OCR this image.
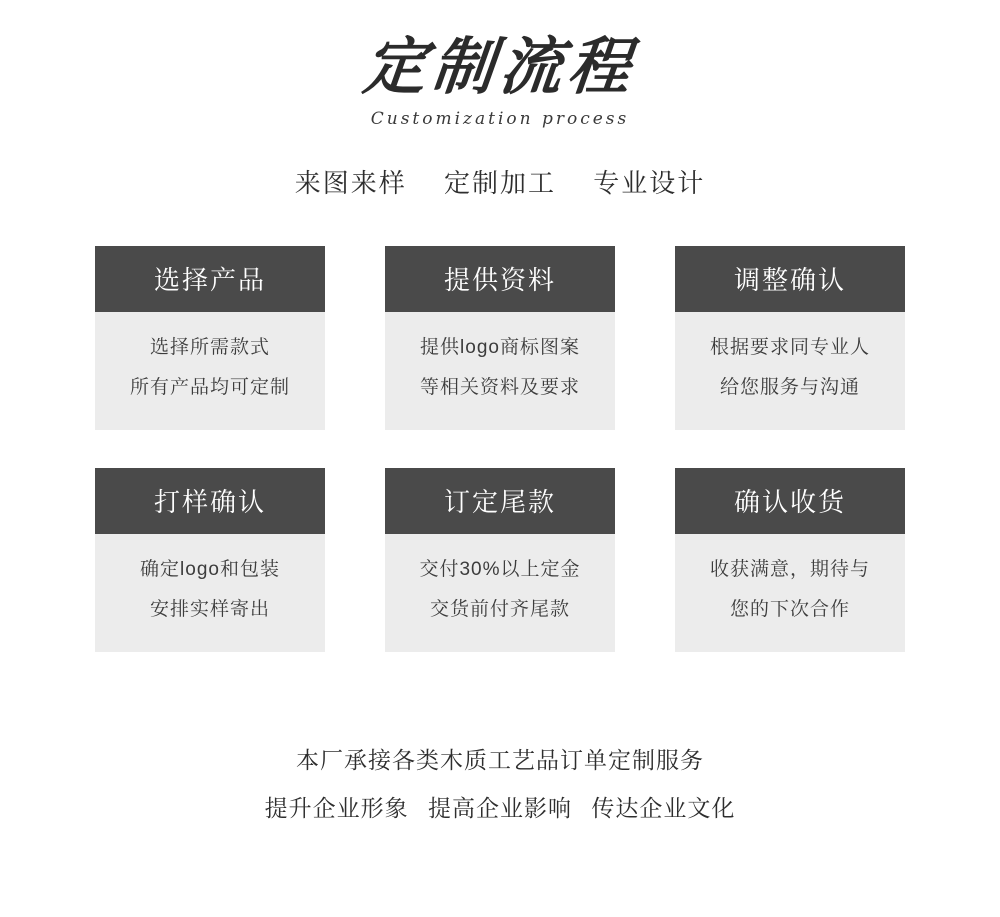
定制流程
Customization process
来图来样 定制加工 专业设计
选择产品
选择所需款式
所有产品均可定制
提供资料
提供logo商标图案
等相关资料及要求
调整确认
根据要求同专业人
给您服务与沟通
打样确认
确定logo和包装
安排实样寄出
订定尾款
交付30%以上定金
交货前付齐尾款
确认收货
收获满意，期待与
您的下次合作
本厂承接各类木质工艺品订单定制服务
提升企业形象 提高企业影响 传达企业文化
